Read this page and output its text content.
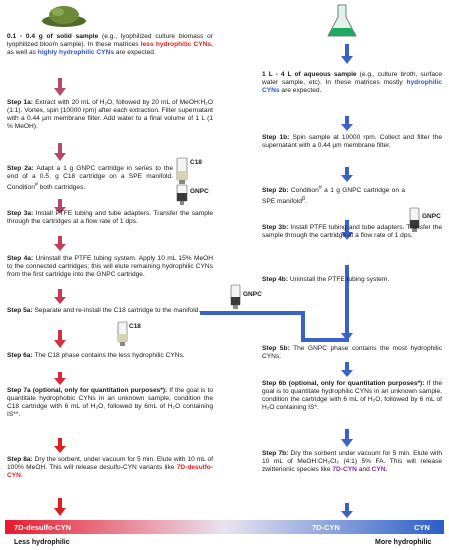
C18
GNPC
GNPC
GNPC
C18
0.1 - 0.4 g of solid sample (e.g., lyophilized culture biomass or lyophilized bloom sample). In these matrices less hydrophilic CYNs, as well as highly hydrophilic CYNs are expected.
Step 1a: Extract with 20 mL of H₂O, followed by 20 mL of MeOH:H₂O (1:1). Vortex, spin (10000 rpm) after each extraction. Filter supernatant with a 0.44 µm membrane filter. Add water to a final volume of 1 L (1 % MeOH).
Step 2a: Adapt a 1 g GNPC cartridge in series to the end of a 0.5. g C18 cartridge on a SPE manifold. Condition# both cartridges.
Step 3a: Install PTFE tubing and tube adapters. Transfer the sample through the cartridges at a flow rate of 1 dps.
Step 4a: Uninstall the PTFE tubing system. Apply 10 mL 15% MeOH to the connected cartridges; this will elute remaining hydrophilic CYNs from the first cartridge into the GNPC cartridge.
Step 5a: Separate and re-install the C18 cartridge to the manifold.
Step 6a: The C18 phase contains the less hydrophilic CYNs.
Step 7a (optional, only for quantitation purposes*): If the goal is to quantitate hydrophobic CYNs in an unknown sample, condition the C18 cartridge with 6 mL of H₂O, followed by 6mL of H₂O containing IS**.
Step 8a: Dry the sorbent, under vacuum for 5 min. Elute with 10 mL of 100% MeOH. This will release desulfo-CYN variants like 7D-desulfo-CYN.
1 L - 4 L of aqueous sample (e.g., culture broth, surface water sample, etc). In these matrices mostly hydrophilic CYNs are expected.
Step 1b: Spin sample at 10000 rpm. Collect and filter the supernatant with a 0.44 µm membrane filter.
Step 2b: Condition# a 1 g GNPC cartridge on a SPE manifold$^\beta$.
Step 3b: Install PTFE tubing and tube adapters. Transfer the sample through the cartridge at a flow rate of 1 dps.
Step 4b: Uninstall the PTFE tubing system.
Step 5b: The GNPC phase contains the most hydrophilic CYNs.
Step 6b (optional, only for quantitation purposes*): If the goal is to quantitate hydrophilic CYNs in an unknown sample, condition the cartridge with 6 mL of H₂O, followed by 6 mL of H₂O containing IS*.
Step 7b: Dry the sorbent under vacuum for 5 min. Elute with 10 mL of MeOH:CH₂Cl₂ (4:1) 5% FA. This will release zwitterionic species like 7D-CYN and CYN.
7D-desulfo-CYN	7D-CYN	CYN
Less hydrophilic	More hydrophilic
